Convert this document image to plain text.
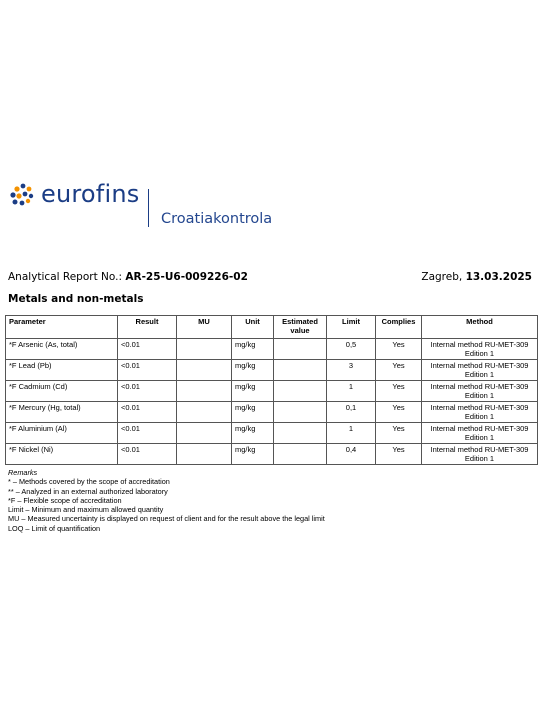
eurofins
Croatiakontrola
Analytical Report No.: AR-25-U6-009226-02	Zagreb, 13.03.2025
Metals and non-metals
Parameter	Result	MU	Unit	Estimated value	Limit	Complies	Method
*F Arsenic (As, total)	<0.01		mg/kg		0,5	Yes	Internal method RU-MET-309
Edition 1

*F Lead (Pb)	<0.01		mg/kg		3	Yes	Internal method RU-MET-309
Edition 1

*F Cadmium (Cd)	<0.01		mg/kg		1	Yes	Internal method RU-MET-309
Edition 1

*F Mercury (Hg, total)	<0.01		mg/kg		0,1	Yes	Internal method RU-MET-309
Edition 1

*F Aluminium (Al)	<0.01		mg/kg		1	Yes	Internal method RU-MET-309
Edition 1

*F Nickel (Ni)	<0.01		mg/kg		0,4	Yes	Internal method RU-MET-309
Edition 1
Remarks
* – Methods covered by the scope of accreditation
** – Analyzed in an external authorized laboratory
*F – Flexible scope of accreditation
Limit – Minimum and maximum allowed quantity
MU – Measured uncertainty is displayed on request of client and for the result above the legal limit
LOQ – Limit of quantification
